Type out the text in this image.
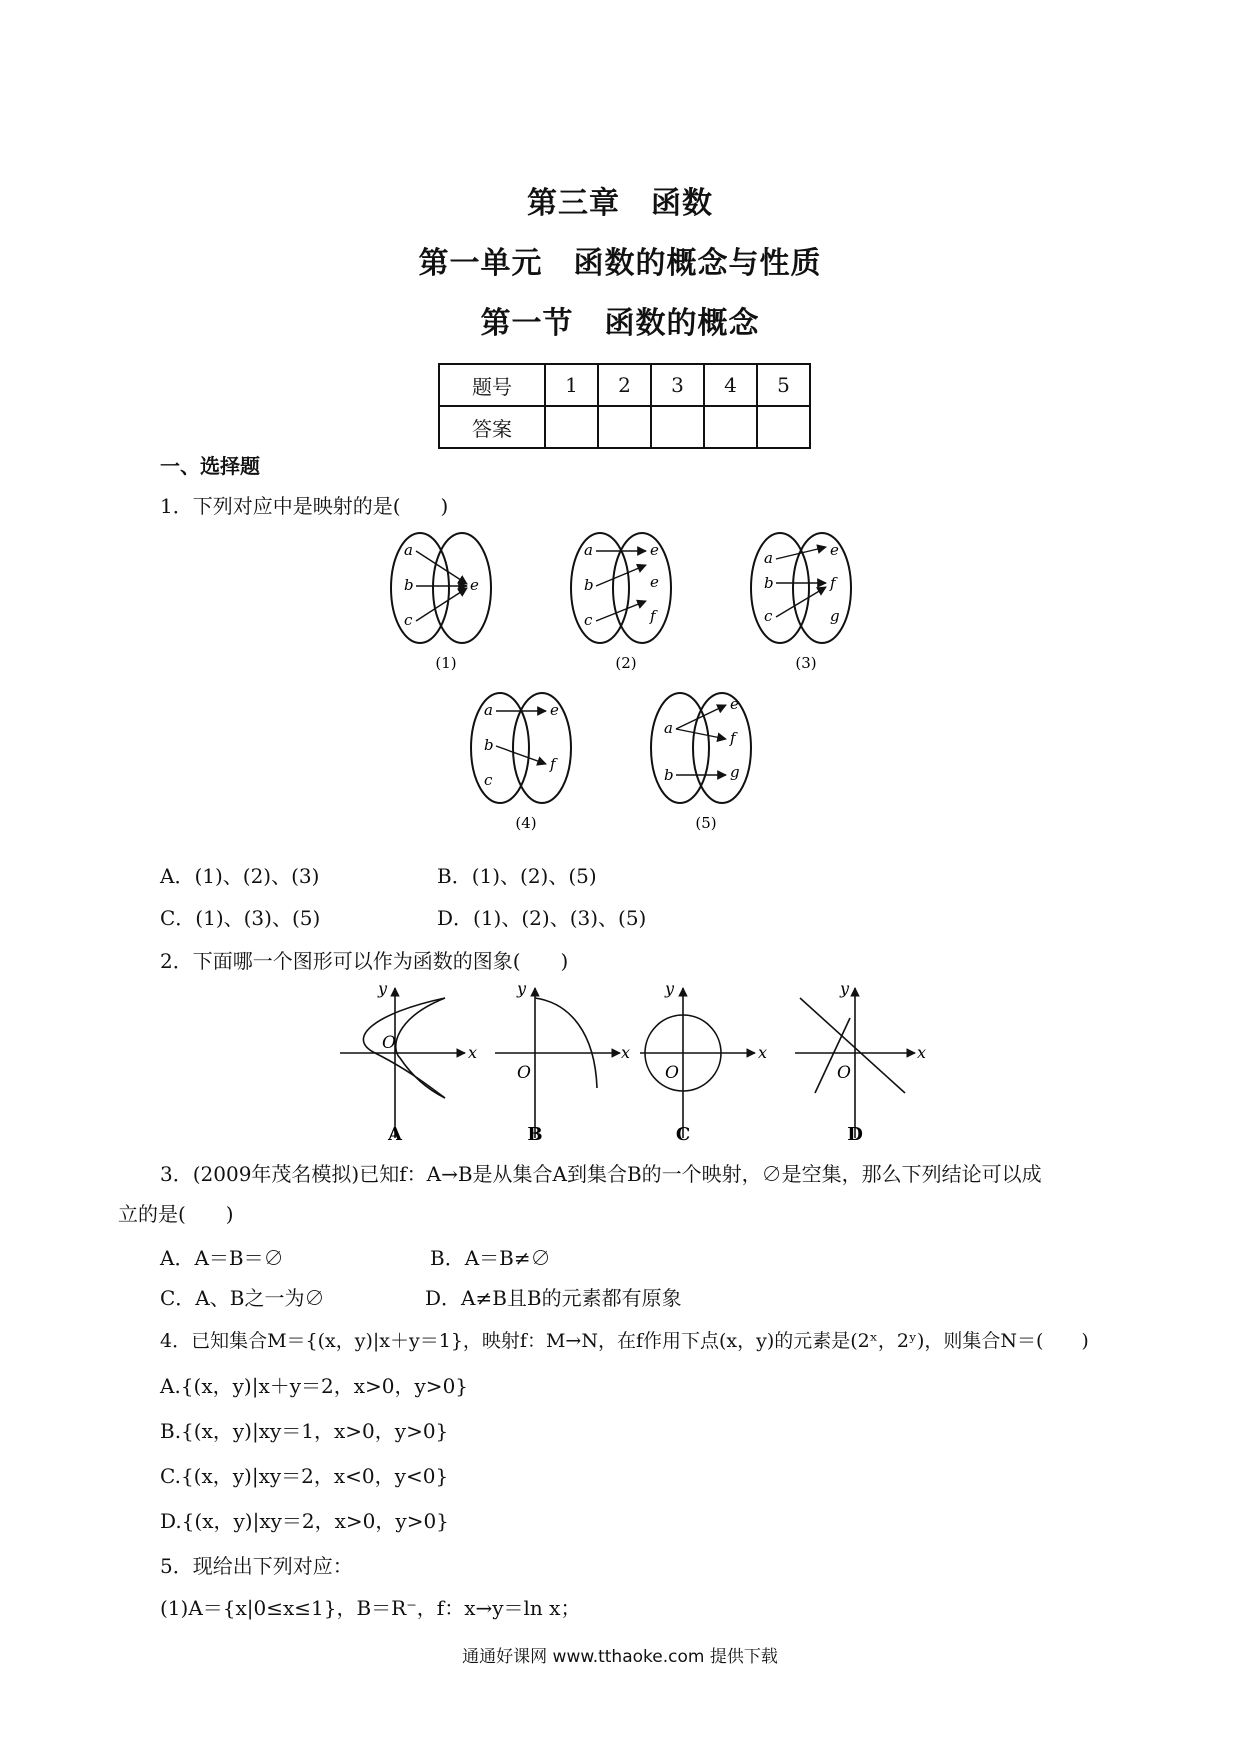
第三章　函数
第一单元　函数的概念与性质
第一节　函数的概念
题号	1	2	3	4	5
答案					
一、选择题
1．下列对应中是映射的是(　　)
a
b
c
e
(1)
a
b
c
e
e
f
(2)
a
b
c
e
f
g
(3)
a
b
c
e
f
(4)
a
b
e
f
g
(5)
A．(1)、(2)、(3)	B．(1)、(2)、(5)
C．(1)、(3)、(5)	D．(1)、(2)、(3)、(5)
2．下面哪一个图形可以作为函数的图象(　　)
O	x
y
O
x
y
O
x
y
O
x
y
A	B	C	D
3．(2009年茂名模拟)已知f：A→B是从集合A到集合B的一个映射，∅是空集，那么下列结论可以成
立的是(　　)
A．A＝B＝∅	B．A＝B≠∅
C．A、B之一为∅	D．A≠B且B的元素都有原象
4．已知集合M＝{(x，y)|x＋y＝1}，映射f：M→N，在f作用下点(x，y)的元素是(2ˣ，2ʸ)，则集合N＝(　　)
A.{(x，y)|x＋y＝2，x>0，y>0}
B.{(x，y)|xy＝1，x>0，y>0}
C.{(x，y)|xy＝2，x<0，y<0}
D.{(x，y)|xy＝2，x>0，y>0}
5．现给出下列对应：
(1)A＝{x|0≤x≤1}，B＝R⁻，f：x→y＝ln x；
通通好课网 www.tthaoke.com 提供下载
